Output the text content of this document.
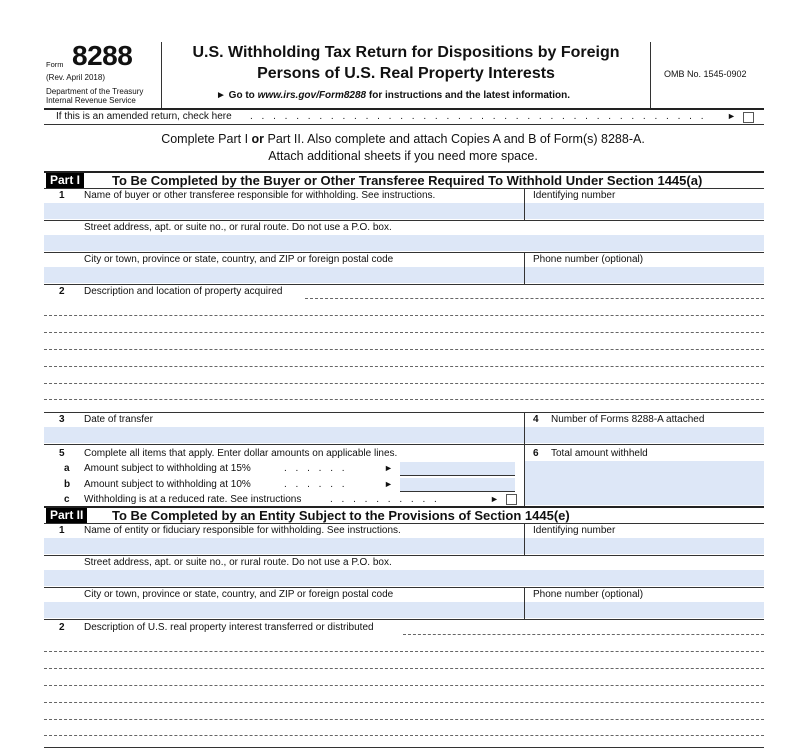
Form 8288
(Rev. April 2018)
Department of the Treasury
Internal Revenue Service
U.S. Withholding Tax Return for Dispositions by Foreign
Persons of U.S. Real Property Interests
► Go to www.irs.gov/Form8288 for instructions and the latest information.
OMB No. 1545-0902
If this is an amended return, check here . . . . . . . . . . . . . . . . . . . . . . . . . . . . . . . . . . . . . . . .	►
Complete Part I or Part II. Also complete and attach Copies A and B of Form(s) 8288-A.
Attach additional sheets if you need more space.
Part I	To Be Completed by the Buyer or Other Transferee Required To Withhold Under Section 1445(a)
1 Name of buyer or other transferee responsible for withholding. See instructions.	Identifying number
Street address, apt. or suite no., or rural route. Do not use a P.O. box.
City or town, province or state, country, and ZIP or foreign postal code	Phone number (optional)
2 Description and location of property acquired
3 Date of transfer	4 Number of Forms 8288-A attached
5 Complete all items that apply. Enter dollar amounts on applicable lines.	6 Total amount withheld
a Amount subject to withholding at 15%	. . . . . .	►
b Amount subject to withholding at 10%	. . . . . .	►
c Withholding is at a reduced rate. See instructions	. . . . . . . . . .	►
Part II	To Be Completed by an Entity Subject to the Provisions of Section 1445(e)
1 Name of entity or fiduciary responsible for withholding. See instructions.	Identifying number
Street address, apt. or suite no., or rural route. Do not use a P.O. box.
City or town, province or state, country, and ZIP or foreign postal code	Phone number (optional)
2 Description of U.S. real property interest transferred or distributed
